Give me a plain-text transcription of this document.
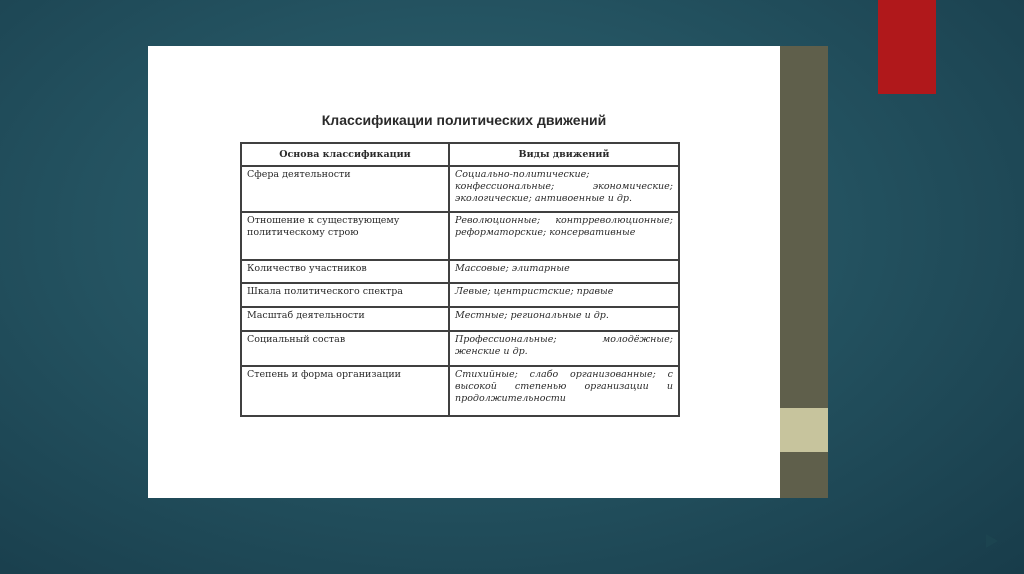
Классификации политических движений
Основа классификации	Виды движений
Сфера деятельности	Социально-политические; конфессиональные; экономические; экологические; антивоенные и др.
Отношение к существующему политическому строю	Революционные; контрреволюционные; реформаторские; консервативные
Количество участников	Массовые; элитарные
Шкала политического спектра	Левые; центристские; правые
Масштаб деятельности	Местные; региональные и др.
Социальный состав	Профессиональные; молодёжные; женские и др.
Степень и форма организации	Стихийные; слабо организованные; с высокой степенью организации и продолжительности
